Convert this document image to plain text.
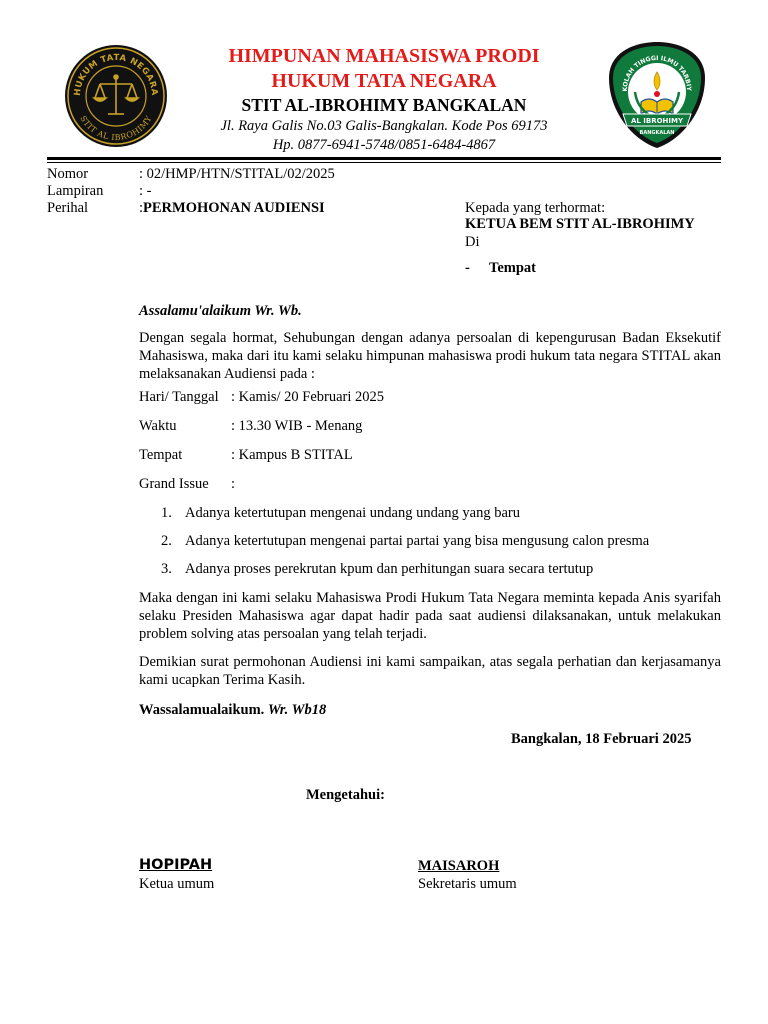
HUKUM TATA NEGARA
STIT AL IBROHIMY
KOLAH TINGGI ILMU TARBIY
AL IBROHIMY
BANGKALAN
HIMPUNAN MAHASISWA PRODI
HUKUM TATA NEGARA
STIT AL-IBROHIMY BANGKALAN
Jl. Raya Galis No.03 Galis-Bangkalan. Kode Pos 69173
Hp. 0877-6941-5748/0851-6484-4867
Nomor	: 02/HMP/HTN/STITAL/02/2025
Lampiran : -
Perihal	:PERMOHONAN AUDIENSI	Kepada yang terhormat:
KETUA BEM STIT AL-IBROHIMY
Di
- Tempat
Assalamu'alaikum Wr. Wb.
Dengan segala hormat, Sehubungan dengan adanya persoalan di kepengurusan Badan Eksekutif Mahasiswa, maka dari itu kami selaku himpunan mahasiswa prodi hukum tata negara STITAL akan melaksanakan Audiensi pada :
Hari/ Tanggal : Kamis/ 20 Februari 2025
Waktu	: 13.30 WIB - Menang
Tempat	: Kampus B STITAL
Grand Issue :
1. Adanya ketertutupan mengenai undang undang yang baru
2. Adanya ketertutupan mengenai partai partai yang bisa mengusung calon presma
3. Adanya proses perekrutan kpum dan perhitungan suara secara tertutup
Maka dengan ini kami selaku Mahasiswa Prodi Hukum Tata Negara meminta kepada Anis syarifah selaku Presiden Mahasiswa agar dapat hadir pada saat audiensi dilaksanakan, untuk melakukan problem solving atas persoalan yang telah terjadi.
Demikian surat permohonan Audiensi ini kami sampaikan, atas segala perhatian dan kerjasamanya kami ucapkan Terima Kasih.
Wassalamualaikum. Wr. Wb18
Bangkalan, 18 Februari 2025
Mengetahui:
HOPIPAH
Ketua umum
MAISAROH
Sekretaris umum
